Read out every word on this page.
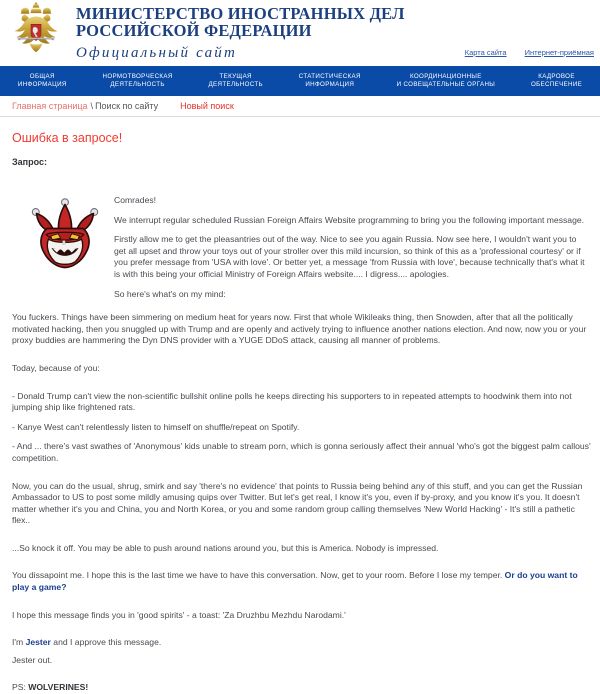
МИНИСТЕРСТВО ИНОСТРАННЫХ ДЕЛ
РОССИЙСКОЙ ФЕДЕРАЦИИ
Официальный сайт	Карта сайта Интернет-приёмная
ОБЩАЯ
ИНФОРМАЦИЯ
НОРМОТВОРЧЕСКАЯ
ДЕЯТЕЛЬНОСТЬ
ТЕКУЩАЯ
ДЕЯТЕЛЬНОСТЬ
СТАТИСТИЧЕСКАЯ
ИНФОРМАЦИЯ
КООРДИНАЦИОННЫЕ
И СОВЕЩАТЕЛЬНЫЕ ОРГАНЫ
КАДРОВОЕ
ОБЕСПЕЧЕНИЕ
Главная страница \ Поиск по сайту Новый поиск
Ошибка в запросе!
Запрос:

Comrades!

We interrupt regular scheduled Russian Foreign Affairs Website programming to bring you the following important message.

Firstly allow me to get the pleasantries out of the way. Nice to see you again Russia. Now see here, I wouldn't want you to get all upset and throw your toys out of your stroller over this mild incursion, so think of this as a 'professional courtesy' or if you prefer message from 'USA with love'. Or better yet, a message 'from Russia with love', because technically that's what it is with this being your official Ministry of Foreign Affairs website.... I digress.... apologies.

So here's what's on my mind:

You fuckers. Things have been simmering on medium heat for years now. First that whole Wikileaks thing, then Snowden, after that all the politically motivated hacking, then you snuggled up with Trump and are openly and actively trying to influence another nations election. And now, now you or your proxy buddies are hammering the Dyn DNS provider with a YUGE DDoS attack, causing all manner of problems.

Today, because of you:

- Donald Trump can't view the non-scientific bullshit online polls he keeps directing his supporters to in repeated attempts to hoodwink them into not jumping ship like frightened rats.

- Kanye West can't relentlessly listen to himself on shuffle/repeat on Spotify.

- And ... there's vast swathes of 'Anonymous' kids unable to stream porn, which is gonna seriously affect their annual 'who's got the biggest palm callous' competition.

Now, you can do the usual, shrug, smirk and say 'there's no evidence' that points to Russia being behind any of this stuff, and you can get the Russian Ambassador to US to post some mildly amusing quips over Twitter. But let's get real, I know it's you, even if by-proxy, and you know it's you. It doesn't matter whether it's you and China, you and North Korea, or you and some random group calling themselves 'New World Hacking' - It's still a pathetic flex..

...So knock it off. You may be able to push around nations around you, but this is America. Nobody is impressed.

You dissapoint me. I hope this is the last time we have to have this conversation. Now, get to your room. Before I lose my temper. Or do you want to play a game?

I hope this message finds you in 'good spirits' - a toast: 'Za Druzhbu Mezhdu Narodami.'

I'm Jester and I approve this message.

Jester out.

PS: WOLVERINES!
